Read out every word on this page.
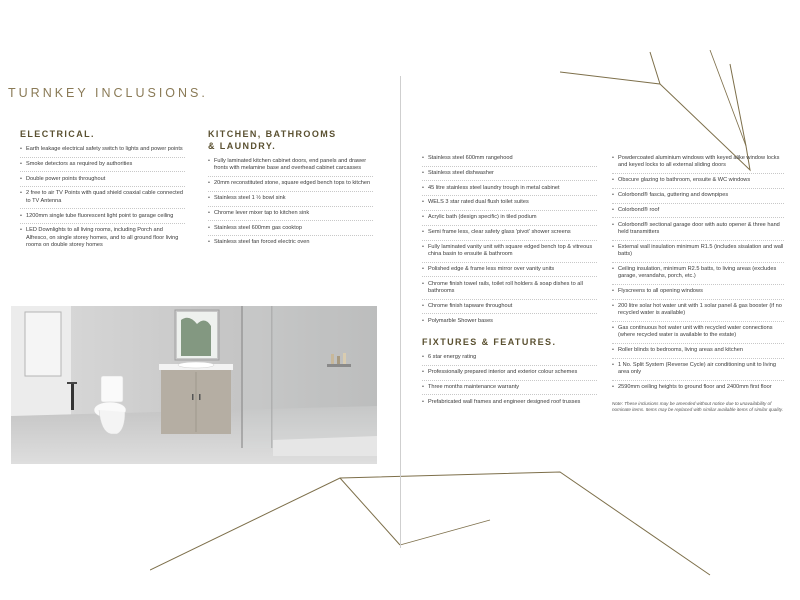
TURNKEY INCLUSIONS.
ELECTRICAL.
• Earth leakage electrical safety switch to lights and power points
• Smoke detectors as required by authorities
• Double power points throughout
• 2 free to air TV Points with quad shield coaxial cable connected to TV Antenna
• 1200mm single tube fluorescent light point to garage ceiling
• LED Downlights to all living rooms, including Porch and Alfresco, on single storey homes, and to all ground floor living rooms on double storey homes
KITCHEN, BATHROOMS
& LAUNDRY.
• Fully laminated kitchen cabinet doors, end panels and drawer fronts with melamine base and overhead cabinet carcasses
• 20mm reconstituted stone, square edged bench tops to kitchen
• Stainless steel 1 ½ bowl sink
• Chrome lever mixer tap to kitchen sink
• Stainless steel 600mm gas cooktop
• Stainless steel fan forced electric oven
• Stainless steel 600mm rangehood
• Stainless steel dishwasher
• 45 litre stainless steel laundry trough in metal cabinet
• WELS 3 star rated dual flush toilet suites
• Acrylic bath (design specific) in tiled podium
• Semi frame less, clear safety glass 'pivot' shower screens
• Fully laminated vanity unit with square edged bench top & vitreous china basin to ensuite & bathroom
• Polished edge & frame less mirror over vanity units
• Chrome finish towel rails, toilet roll holders & soap dishes to all bathrooms
• Chrome finish tapware throughout
• Polymarble Shower bases
FIXTURES & FEATURES.
• 6 star energy rating
• Professionally prepared interior and exterior colour schemes
• Three months maintenance warranty
• Prefabricated wall frames and engineer designed roof trusses
• Powdercoated aluminium windows with keyed alike window locks and keyed locks to all external sliding doors
• Obscure glazing to bathroom, ensuite & WC windows
• Colorbond® fascia, guttering and downpipes
• Colorbond® roof
• Colorbond® sectional garage door with auto opener & three hand held transmitters
• External wall insulation minimum R1.5 (includes sisalation and wall batts)
• Ceiling insulation, minimum R2.5 batts, to living areas (excludes garage, verandahs, porch, etc.)
• Flyscreens to all opening windows
• 200 litre solar hot water unit with 1 solar panel & gas booster (if no recycled water is available)
• Gas continuous hot water unit with recycled water connections (where recycled water is available to the estate)
• Roller blinds to bedrooms, living areas and kitchen
• 1 No. Split System (Reverse Cycle) air conditioning unit to living area only
• 2590mm ceiling heights to ground floor and 2400mm first floor
Note: These inclusions may be amended without notice due to unavailability of nominate items. Items may be replaced with similar available items of similar quality.
